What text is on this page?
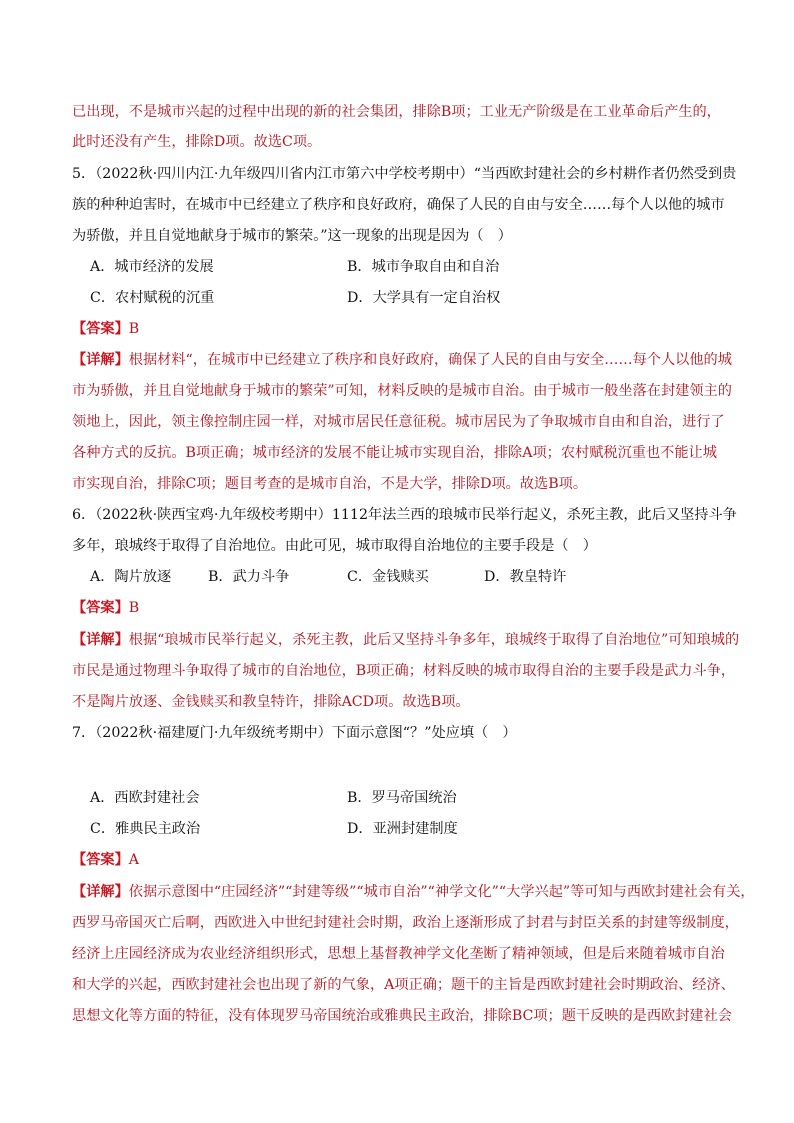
已出现，不是城市兴起的过程中出现的新的社会集团，排除B项；工业无产阶级是在工业革命后产生的，
此时还没有产生，排除D项。故选C项。
5．（2022秋·四川内江·九年级四川省内江市第六中学校考期中）“当西欧封建社会的乡村耕作者仍然受到贵
族的种种迫害时，在城市中已经建立了秩序和良好政府，确保了人民的自由与安全……每个人以他的城市
为骄傲，并且自觉地献身于城市的繁荣。”这一现象的出现是因为（　）
A．城市经济的发展	B．城市争取自由和自治
C．农村赋税的沉重	D．大学具有一定自治权
【答案】B
【详解】根据材料“，在城市中已经建立了秩序和良好政府，确保了人民的自由与安全……每个人以他的城
市为骄傲，并且自觉地献身于城市的繁荣”可知，材料反映的是城市自治。由于城市一般坐落在封建领主的
领地上，因此，领主像控制庄园一样，对城市居民任意征税。城市居民为了争取城市自由和自治，进行了
各种方式的反抗。B项正确；城市经济的发展不能让城市实现自治，排除A项；农村赋税沉重也不能让城
市实现自治，排除C项；题目考查的是城市自治，不是大学，排除D项。故选B项。
6．（2022秋·陕西宝鸡·九年级校考期中）1112年法兰西的琅城市民举行起义，杀死主教，此后又坚持斗争
多年，琅城终于取得了自治地位。由此可见，城市取得自治地位的主要手段是（　）
A．陶片放逐	B．武力斗争	C．金钱赎买	D．教皇特许
【答案】B
【详解】根据“琅城市民举行起义，杀死主教，此后又坚持斗争多年，琅城终于取得了自治地位”可知琅城的
市民是通过物理斗争取得了城市的自治地位，B项正确；材料反映的城市取得自治的主要手段是武力斗争，
不是陶片放逐、金钱赎买和教皇特许，排除ACD项。故选B项。
7．（2022秋·福建厦门·九年级统考期中）下面示意图“？”处应填（　）
A．西欧封建社会	B．罗马帝国统治
C．雅典民主政治	D．亚洲封建制度
【答案】A
【详解】依据示意图中“庄园经济”“封建等级”“城市自治”“神学文化”“大学兴起”等可知与西欧封建社会有关，
西罗马帝国灭亡后啊，西欧进入中世纪封建社会时期，政治上逐渐形成了封君与封臣关系的封建等级制度，
经济上庄园经济成为农业经济组织形式，思想上基督教神学文化垄断了精神领域，但是后来随着城市自治
和大学的兴起，西欧封建社会也出现了新的气象，A项正确；题干的主旨是西欧封建社会时期政治、经济、
思想文化等方面的特征，没有体现罗马帝国统治或雅典民主政治，排除BC项；题干反映的是西欧封建社会
